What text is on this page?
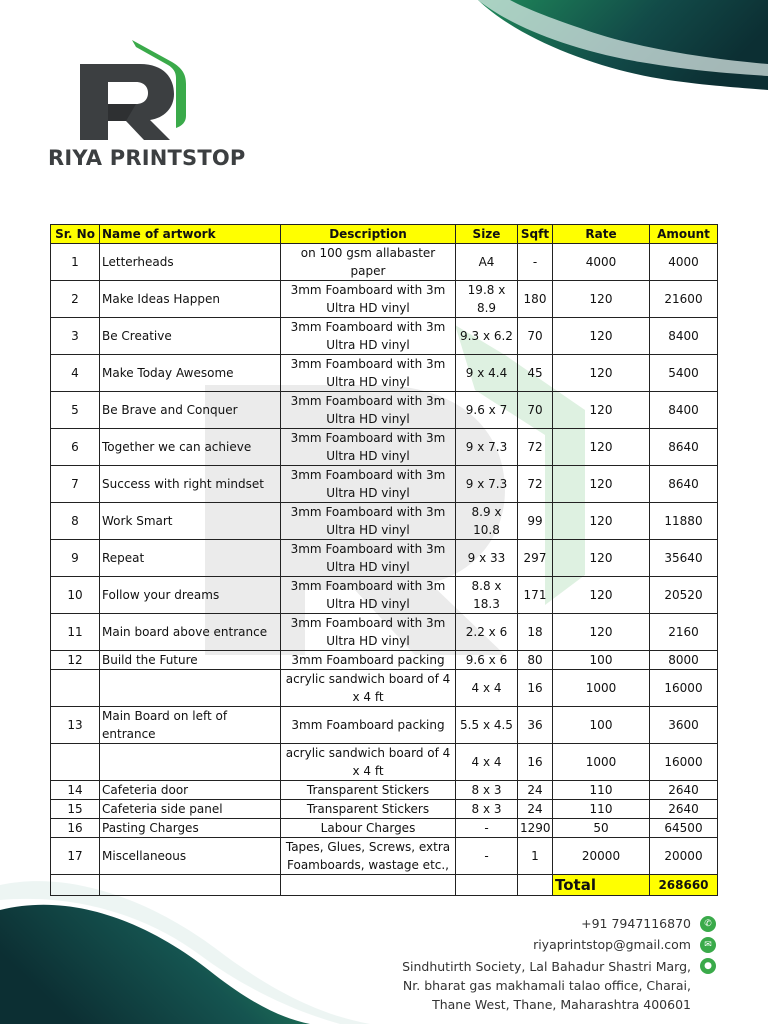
RIYA PRINTSTOP
Sr. No	Name of artwork	Description	Size	Sqft	Rate	Amount
1	Letterheads	on 100 gsm allabaster paper	A4	-	4000	4000
2	Make Ideas Happen	3mm Foamboard with 3m Ultra HD vinyl	19.8 x 8.9	180	120	21600
3	Be Creative	3mm Foamboard with 3m Ultra HD vinyl	9.3 x 6.2	70	120	8400
4	Make Today Awesome	3mm Foamboard with 3m Ultra HD vinyl	9 x 4.4	45	120	5400
5	Be Brave and Conquer	3mm Foamboard with 3m Ultra HD vinyl	9.6 x 7	70	120	8400
6	Together we can achieve	3mm Foamboard with 3m Ultra HD vinyl	9 x 7.3	72	120	8640
7	Success with right mindset	3mm Foamboard with 3m Ultra HD vinyl	9 x 7.3	72	120	8640
8	Work Smart	3mm Foamboard with 3m Ultra HD vinyl	8.9 x 10.8	99	120	11880
9	Repeat	3mm Foamboard with 3m Ultra HD vinyl	9 x 33	297	120	35640
10	Follow your dreams	3mm Foamboard with 3m Ultra HD vinyl	8.8 x 18.3	171	120	20520
11	Main board above entrance	3mm Foamboard with 3m Ultra HD vinyl	2.2 x 6	18	120	2160
12	Build the Future	3mm Foamboard packing	9.6 x 6	80	100	8000
		acrylic sandwich board of 4 x 4 ft	4 x 4	16	1000	16000
13	Main Board on left of entrance	3mm Foamboard packing	5.5 x 4.5	36	100	3600
		acrylic sandwich board of 4 x 4 ft	4 x 4	16	1000	16000
14	Cafeteria door	Transparent Stickers	8 x 3	24	110	2640
15	Cafeteria side panel	Transparent Stickers	8 x 3	24	110	2640
16	Pasting Charges	Labour Charges	-	1290	50	64500
17	Miscellaneous	Tapes, Glues, Screws, extra Foamboards, wastage etc.,	-	1	20000	20000
					Total	268660
+91 7947116870	✆
riyaprintstop@gmail.com	✉
Sindhutirth Society, Lal Bahadur Shastri Marg,
Nr. bharat gas makhamali talao office, Charai,
Thane West, Thane, Maharashtra 400601
●
